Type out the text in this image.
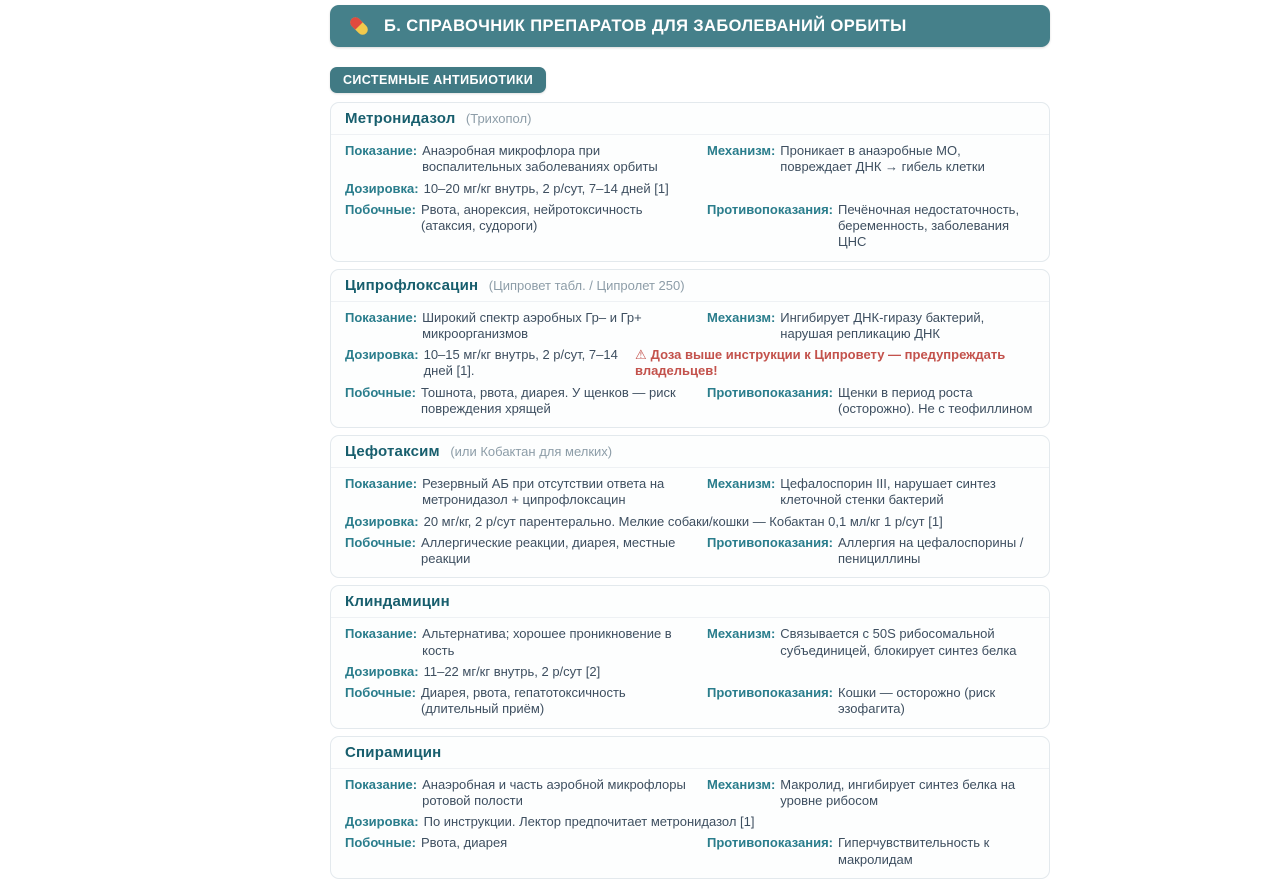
Б. СПРАВОЧНИК ПРЕПАРАТОВ ДЛЯ ЗАБОЛЕВАНИЙ ОРБИТЫ
СИСТЕМНЫЕ АНТИБИОТИКИ
Метронидазол (Трихопол)
Показание: Анаэробная микрофлора при воспалительных заболеваниях орбиты
Механизм: Проникает в анаэробные МО, повреждает ДНК → гибель клетки
Дозировка: 10–20 мг/кг внутрь, 2 р/сут, 7–14 дней [1]
Побочные: Рвота, анорексия, нейротоксичность (атаксия, судороги)
Противопоказания: Печёночная недостаточность, беременность, заболевания ЦНС
Ципрофлоксацин (Ципровет табл. / Ципролет 250)
Показание: Широкий спектр аэробных Гр– и Гр+ микроорганизмов
Механизм: Ингибирует ДНК-гиразу бактерий, нарушая репликацию ДНК
Дозировка: 10–15 мг/кг внутрь, 2 р/сут, 7–14 дней [1].
⚠ Доза выше инструкции к Ципровету — предупреждать владельцев!
Побочные: Тошнота, рвота, диарея. У щенков — риск повреждения хрящей
Противопоказания: Щенки в период роста (осторожно). Не с теофиллином
Цефотаксим (или Кобактан для мелких)
Показание: Резервный АБ при отсутствии ответа на метронидазол + ципрофлоксацин
Механизм: Цефалоспорин III, нарушает синтез клеточной стенки бактерий
Дозировка: 20 мг/кг, 2 р/сут парентерально. Мелкие собаки/кошки — Кобактан 0,1 мл/кг 1 р/сут [1]
Побочные: Аллергические реакции, диарея, местные реакции
Противопоказания: Аллергия на цефалоспорины / пенициллины
Клиндамицин
Показание: Альтернатива; хорошее проникновение в кость
Механизм: Связывается с 50S рибосомальной субъединицей, блокирует синтез белка
Дозировка: 11–22 мг/кг внутрь, 2 р/сут [2]
Побочные: Диарея, рвота, гепатотоксичность (длительный приём)
Противопоказания: Кошки — осторожно (риск эзофагита)
Спирамицин
Показание: Анаэробная и часть аэробной микрофлоры ротовой полости
Механизм: Макролид, ингибирует синтез белка на уровне рибосом
Дозировка: По инструкции. Лектор предпочитает метронидазол [1]
Побочные: Рвота, диарея	Противопоказания: Гиперчувствительность к макролидам
